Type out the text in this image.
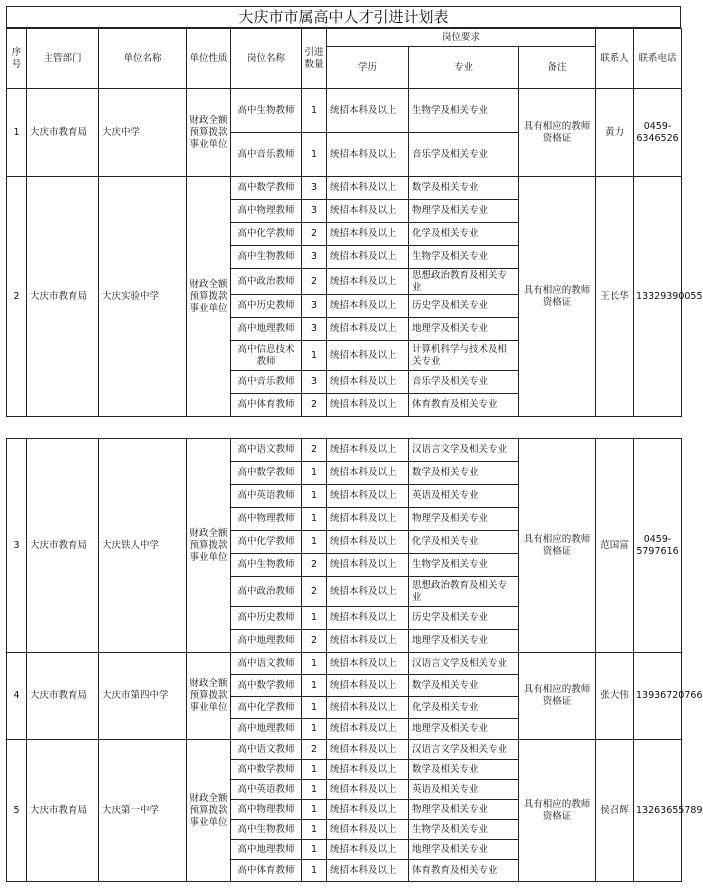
大庆市市属高中人才引进计划表
序号	主管部门	单位名称	单位性质	岗位名称	引进数量	岗位要求			联系人	联系电话
						学历	专业	备注		
1	大庆市教育局	大庆中学	财政全额预算拨款事业单位	高中生物教师	1	统招本科及以上	生物学及相关专业	具有相应的教师资格证	黄力	0459-6346526
				高中音乐教师	1	统招本科及以上	音乐学及相关专业			
2	大庆市教育局	大庆实验中学	财政全额预算拨款事业单位	高中数学教师	3	统招本科及以上	数学及相关专业	具有相应的教师资格证	王长华	13329390055
				高中物理教师	3	统招本科及以上	物理学及相关专业			
				高中化学教师	2	统招本科及以上	化学及相关专业			
				高中生物教师	3	统招本科及以上	生物学及相关专业			
				高中政治教师	2	统招本科及以上	思想政治教育及相关专业			
				高中历史教师	3	统招本科及以上	历史学及相关专业			
				高中地理教师	3	统招本科及以上	地理学及相关专业			
				高中信息技术教师	1	统招本科及以上	计算机科学与技术及相关专业			
				高中音乐教师	3	统招本科及以上	音乐学及相关专业			
				高中体育教师	2	统招本科及以上	体育教育及相关专业			
3	大庆市教育局	大庆铁人中学	财政全额预算拨款事业单位	高中语文教师	2	统招本科及以上	汉语言文学及相关专业	具有相应的教师资格证	范国富	0459-5797616
				高中数学教师	1	统招本科及以上	数学及相关专业			
				高中英语教师	1	统招本科及以上	英语及相关专业			
				高中物理教师	1	统招本科及以上	物理学及相关专业			
				高中化学教师	1	统招本科及以上	化学及相关专业			
				高中生物教师	2	统招本科及以上	生物学及相关专业			
				高中政治教师	2	统招本科及以上	思想政治教育及相关专业			
				高中历史教师	1	统招本科及以上	历史学及相关专业			
				高中地理教师	2	统招本科及以上	地理学及相关专业			
4	大庆市教育局	大庆市第四中学	财政全额预算拨款事业单位	高中语文教师	1	统招本科及以上	汉语言文学及相关专业	具有相应的教师资格证	张大伟	13936720766
				高中数学教师	1	统招本科及以上	数学及相关专业			
				高中化学教师	1	统招本科及以上	化学及相关专业			
				高中地理教师	1	统招本科及以上	地理学及相关专业			
5	大庆市教育局	大庆第一中学	财政全额预算拨款事业单位	高中语文教师	2	统招本科及以上	汉语言文学及相关专业	具有相应的教师资格证	侯召辉	13263655789
				高中数学教师	1	统招本科及以上	数学及相关专业			
				高中英语教师	1	统招本科及以上	英语及相关专业			
				高中物理教师	1	统招本科及以上	物理学及相关专业			
				高中生物教师	1	统招本科及以上	生物学及相关专业			
				高中地理教师	1	统招本科及以上	地理学及相关专业			
				高中体育教师	1	统招本科及以上	体育教育及相关专业			
